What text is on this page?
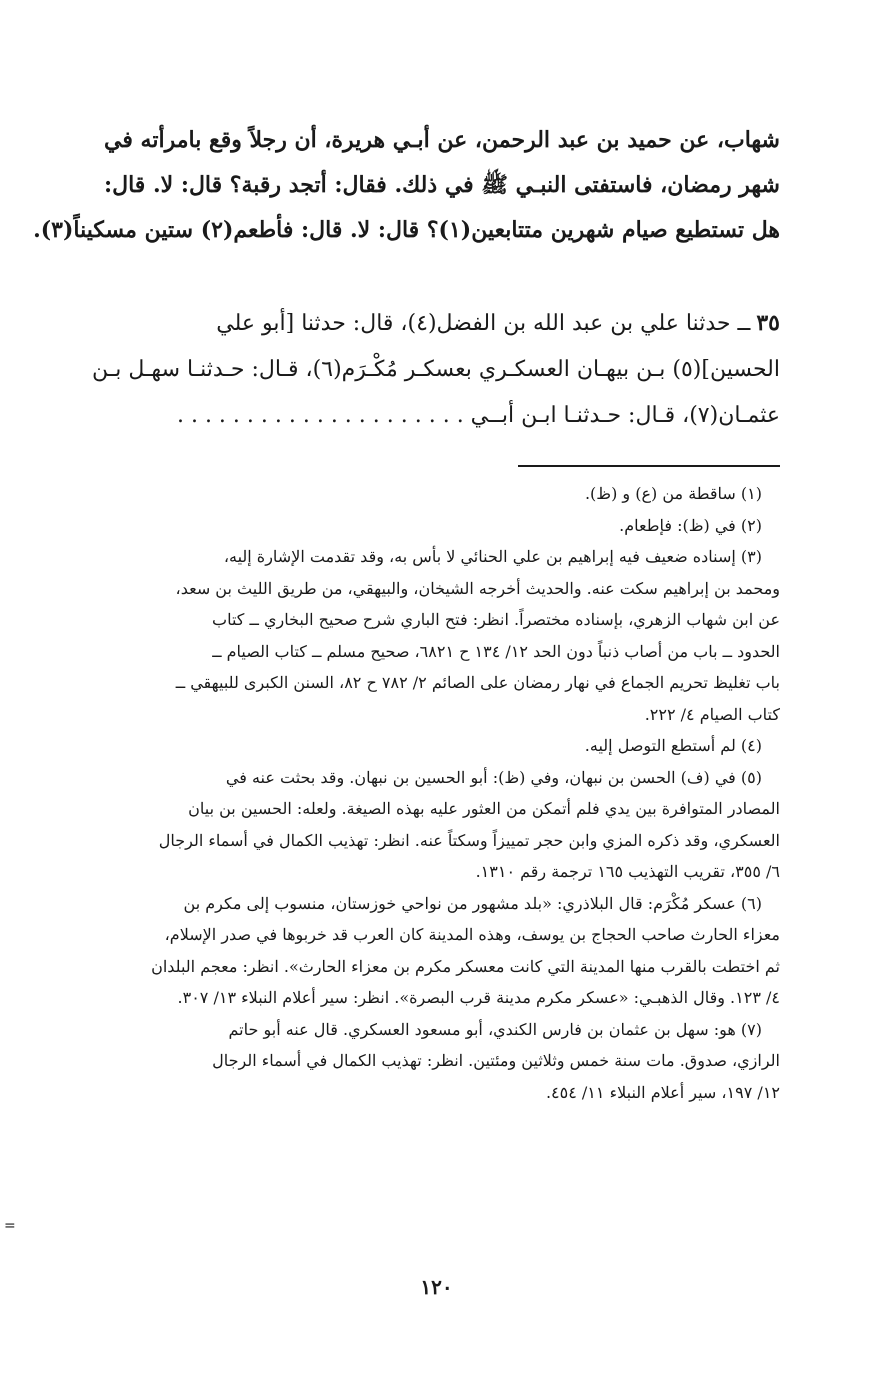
شهاب، عن حميد بن عبد الرحمن، عن أبـي هريرة، أن رجلاً وقع بامرأته في
شهر رمضان، فاستفتى النبـي ﷺ في ذلك. فقال: أتجد رقبة؟ قال: لا. قال:
هل تستطيع صيام شهرين متتابعين(١)؟ قال: لا. قال: فأطعم(٢) ستين مسكيناً(٣).
٣٥ــ حدثنا علي بن عبد الله بن الفضل(٤)، قال: حدثنا [أبو علي
الحسين](٥) بـن بيهـان العسكـري بعسكـر مُكْـرَم(٦)، قـال: حـدثنـا سهـل بـن
عثمـان(٧)، قـال: حـدثنـا ابـن أبــي . . . . . . . . . . . . . . . . . . . . .
(١) ساقطة من (ع) و (ظ).
(٢) في (ظ): فإطعام.
(٣) إسناده ضعيف فيه إبراهيم بن علي الحنائي لا بأس به، وقد تقدمت الإشارة إليه،
ومحمد بن إبراهيم سكت عنه. والحديث أخرجه الشيخان، والبيهقي، من طريق الليث بن سعد،
عن ابن شهاب الزهري، بإسناده مختصراً. انظر: فتح الباري شرح صحيح البخاري ــ كتاب
الحدود ــ باب من أصاب ذنباً دون الحد ١٢/ ١٣٤ ح ٦٨٢١، صحيح مسلم ــ كتاب الصيام ــ
باب تغليظ تحريم الجماع في نهار رمضان على الصائم ٢/ ٧٨٢ ح ٨٢، السنن الكبرى للبيهقي ــ
كتاب الصيام ٤/ ٢٢٢.
(٤) لم أستطع التوصل إليه.
(٥) في (ف) الحسن بن نبهان، وفي (ظ): أبو الحسين بن نبهان. وقد بحثت عنه في
المصادر المتوافرة بين يدي فلم أتمكن من العثور عليه بهذه الصيغة. ولعله: الحسين بن بيان
العسكري، وقد ذكره المزي وابن حجر تمييزاً وسكتاً عنه. انظر: تهذيب الكمال في أسماء الرجال
٦/ ٣٥٥، تقريب التهذيب ١٦٥ ترجمة رقم ١٣١٠.
(٦) عسكر مُكْرَم: قال البلاذري: «بلد مشهور من نواحي خوزستان، منسوب إلى مكرم بن
معزاء الحارث صاحب الحجاج بن يوسف، وهذه المدينة كان العرب قد خربوها في صدر الإسلام،
ثم اختطت بالقرب منها المدينة التي كانت معسكر مكرم بن معزاء الحارث». انظر: معجم البلدان
٤/ ١٢٣. وقال الذهبـي: «عسكر مكرم مدينة قرب البصرة». انظر: سير أعلام النبلاء ١٣/ ٣٠٧.
(٧) هو: سهل بن عثمان بن فارس الكندي، أبو مسعود العسكري. قال عنه أبو حاتم
الرازي، صدوق. مات سنة خمس وثلاثين ومئتين. انظر: تهذيب الكمال في أسماء الرجال
١٢/ ١٩٧، سير أعلام النبلاء ١١/ ٤٥٤.
=
١٢٠
